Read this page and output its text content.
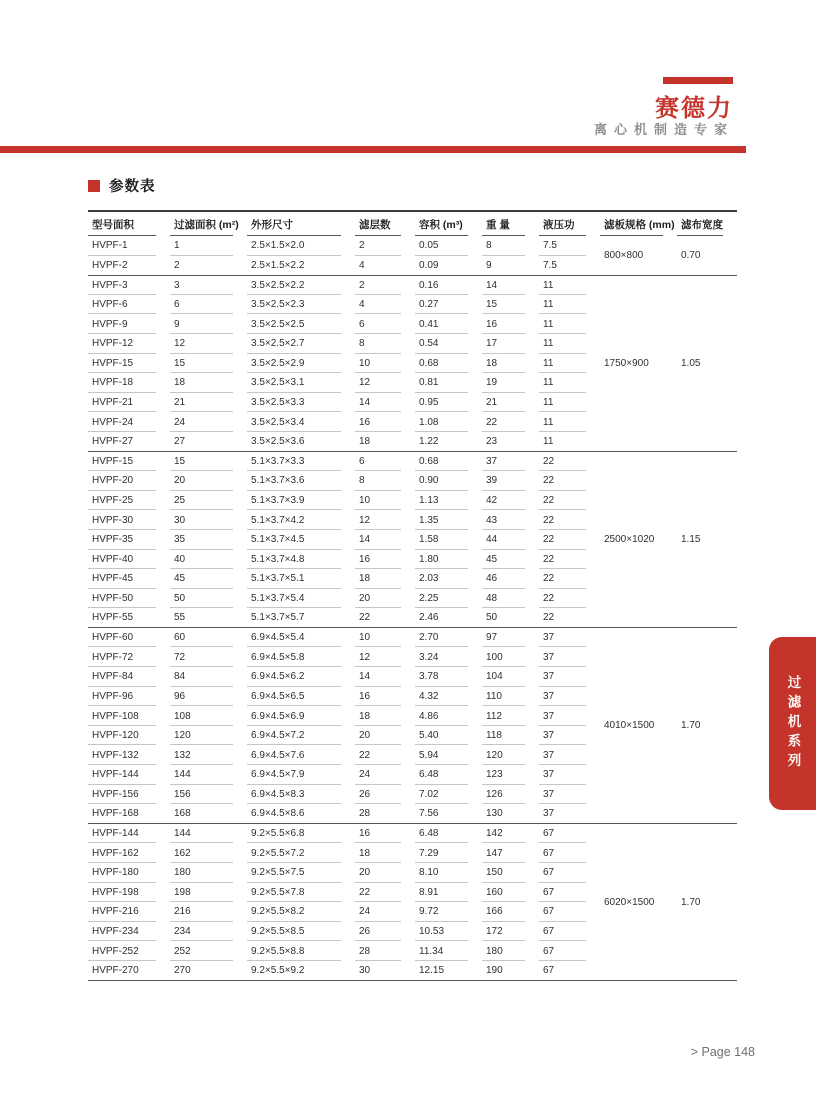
赛德力
离心机制造专家
参数表
型号面积	过滤面积 (m²)	外形尺寸	滤层数	容积 (m³)	重 量	液压功	滤板规格 (mm)	滤布宽度
HVPF-1	1	2.5×1.5×2.0	2	0.05	8	7.5	800×800	0.70
HVPF-2	2	2.5×1.5×2.2	4	0.09	9	7.5		
HVPF-3	3	3.5×2.5×2.2	2	0.16	14	11	1750×900	1.05
HVPF-6	6	3.5×2.5×2.3	4	0.27	15	11		
HVPF-9	9	3.5×2.5×2.5	6	0.41	16	11		
HVPF-12	12	3.5×2.5×2.7	8	0.54	17	11		
HVPF-15	15	3.5×2.5×2.9	10	0.68	18	11		
HVPF-18	18	3.5×2.5×3.1	12	0.81	19	11		
HVPF-21	21	3.5×2.5×3.3	14	0.95	21	11		
HVPF-24	24	3.5×2.5×3.4	16	1.08	22	11		
HVPF-27	27	3.5×2.5×3.6	18	1.22	23	11		
HVPF-15	15	5.1×3.7×3.3	6	0.68	37	22	2500×1020	1.15
HVPF-20	20	5.1×3.7×3.6	8	0.90	39	22		
HVPF-25	25	5.1×3.7×3.9	10	1.13	42	22		
HVPF-30	30	5.1×3.7×4.2	12	1.35	43	22		
HVPF-35	35	5.1×3.7×4.5	14	1.58	44	22		
HVPF-40	40	5.1×3.7×4.8	16	1.80	45	22		
HVPF-45	45	5.1×3.7×5.1	18	2.03	46	22		
HVPF-50	50	5.1×3.7×5.4	20	2.25	48	22		
HVPF-55	55	5.1×3.7×5.7	22	2.46	50	22		
HVPF-60	60	6.9×4.5×5.4	10	2.70	97	37	4010×1500	1.70
HVPF-72	72	6.9×4.5×5.8	12	3.24	100	37		
HVPF-84	84	6.9×4.5×6.2	14	3.78	104	37		
HVPF-96	96	6.9×4.5×6.5	16	4.32	110	37		
HVPF-108	108	6.9×4.5×6.9	18	4.86	112	37		
HVPF-120	120	6.9×4.5×7.2	20	5.40	118	37		
HVPF-132	132	6.9×4.5×7.6	22	5.94	120	37		
HVPF-144	144	6.9×4.5×7.9	24	6.48	123	37		
HVPF-156	156	6.9×4.5×8.3	26	7.02	126	37		
HVPF-168	168	6.9×4.5×8.6	28	7.56	130	37		
HVPF-144	144	9.2×5.5×6.8	16	6.48	142	67	6020×1500	1.70
HVPF-162	162	9.2×5.5×7.2	18	7.29	147	67		
HVPF-180	180	9.2×5.5×7.5	20	8.10	150	67		
HVPF-198	198	9.2×5.5×7.8	22	8.91	160	67		
HVPF-216	216	9.2×5.5×8.2	24	9.72	166	67		
HVPF-234	234	9.2×5.5×8.5	26	10.53	172	67		
HVPF-252	252	9.2×5.5×8.8	28	11.34	180	67		
HVPF-270	270	9.2×5.5×9.2	30	12.15	190	67		
过滤机系列
> Page 148
